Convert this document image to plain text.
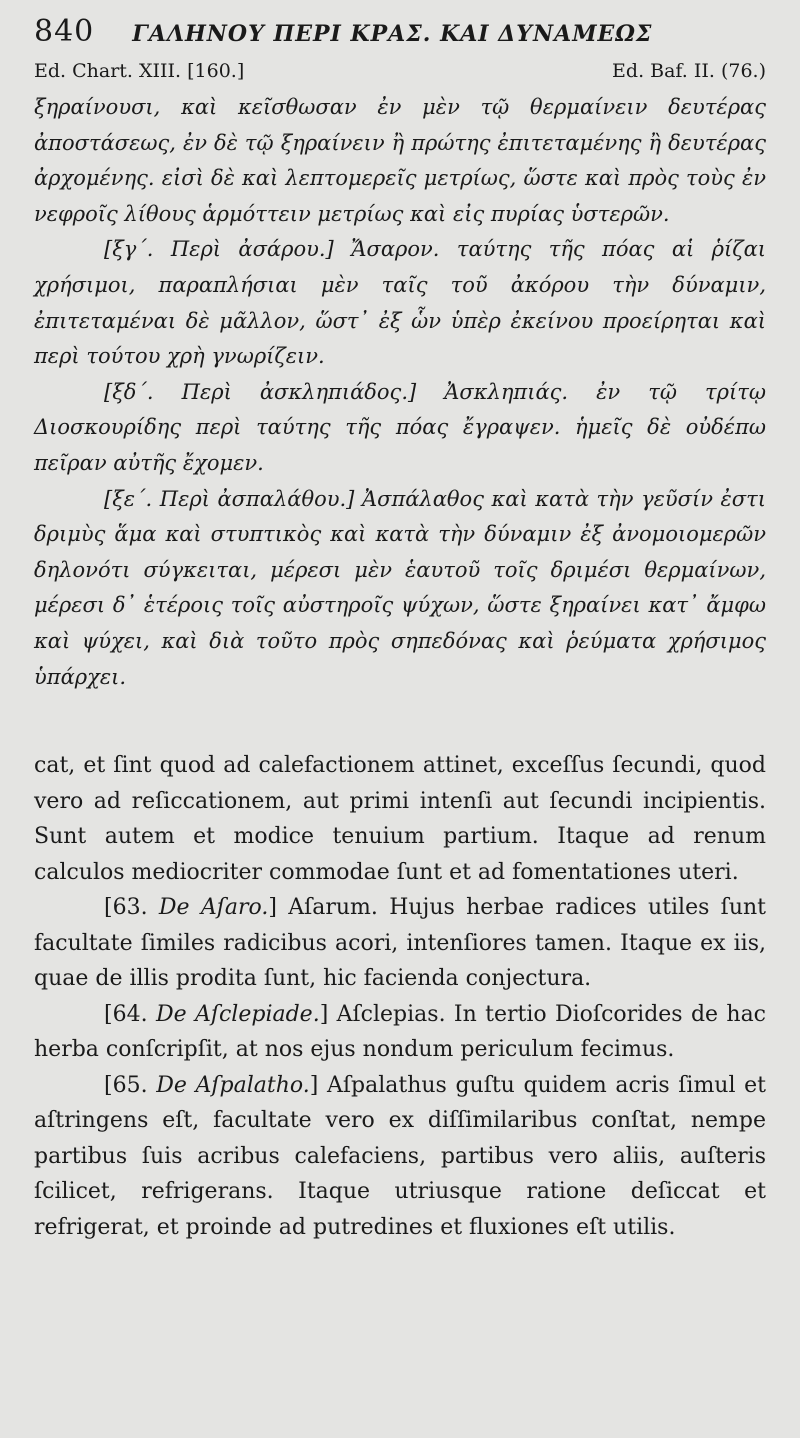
840 ΓΑΛΗΝΟΥ ΠΕΡΙ ΚΡΑΣ. ΚΑΙ ΔΥΝΑΜΕΩΣ
Ed. Chart. XIII. [160.]	Ed. Baf. II. (76.)

ξηραίνουσι, καὶ κεῖσθωσαν ἐν μὲν τῷ θερμαίνειν δευτέρας ἀποστάσεως, ἐν δὲ τῷ ξηραίνειν ἢ πρώτης ἐπιτεταμένης ἢ δευτέρας ἀρχομένης. εἰσὶ δὲ καὶ λεπτομερεῖς μετρίως, ὥστε καὶ πρὸς τοὺς ἐν νεφροῖς λίθους ἁρμόττειν μετρίως καὶ εἰς πυρίας ὑστερῶν.

[ξγ΄. Περὶ ἀσάρου.] Ἄσαρον. ταύτης τῆς πόας αἱ ῥίζαι χρήσιμοι, παραπλήσιαι μὲν ταῖς τοῦ ἀκόρου τὴν δύναμιν, ἐπιτεταμέναι δὲ μᾶλλον, ὥστ᾽ ἐξ ὧν ὑπὲρ ἐκείνου προείρηται καὶ περὶ τούτου χρὴ γνωρίζειν.

[ξδ΄. Περὶ ἀσκληπιάδος.] Ἀσκληπιάς. ἐν τῷ τρίτῳ Διοσκουρίδης περὶ ταύτης τῆς πόας ἔγραψεν. ἡμεῖς δὲ οὐδέπω πεῖραν αὐτῆς ἔχομεν.

[ξε΄. Περὶ ἀσπαλάθου.] Ἀσπάλαθος καὶ κατὰ τὴν γεῦσίν ἐστι δριμὺς ἅμα καὶ στυπτικὸς καὶ κατὰ τὴν δύναμιν ἐξ ἀνομοιομερῶν δηλονότι σύγκειται, μέρεσι μὲν ἑαυτοῦ τοῖς δριμέσι θερμαίνων, μέρεσι δ᾽ ἑτέροις τοῖς αὐστηροῖς ψύχων, ὥστε ξηραίνει κατ᾽ ἄμφω καὶ ψύχει, καὶ διὰ τοῦτο πρὸς σηπεδόνας καὶ ῥεύματα χρήσιμος ὑπάρχει.

cat, et ſint quod ad calefactionem attinet, exceſſus ſecundi, quod vero ad reſiccationem, aut primi intenſi aut ſecundi incipientis. Sunt autem et modice tenuium partium. Itaque ad renum calculos mediocriter commodae ſunt et ad fomentationes uteri.

[63. De Aſaro.] Aſarum. Hujus herbae radices utiles ſunt facultate ſimiles radicibus acori, intenſiores tamen. Itaque ex iis, quae de illis prodita ſunt, hic facienda conjectura.

[64. De Aſclepiade.] Aſclepias. In tertio Dioſcorides de hac herba conſcripſit, at nos ejus nondum periculum fecimus.

[65. De Aſpalatho.] Aſpalathus guſtu quidem acris ſimul et aſtringens eſt, facultate vero ex diſſimilaribus conſtat, nempe partibus ſuis acribus calefaciens, partibus vero aliis, auſteris ſcilicet, refrigerans. Itaque utriusque ratione deſiccat et refrigerat, et proinde ad putredines et fluxiones eſt utilis.
